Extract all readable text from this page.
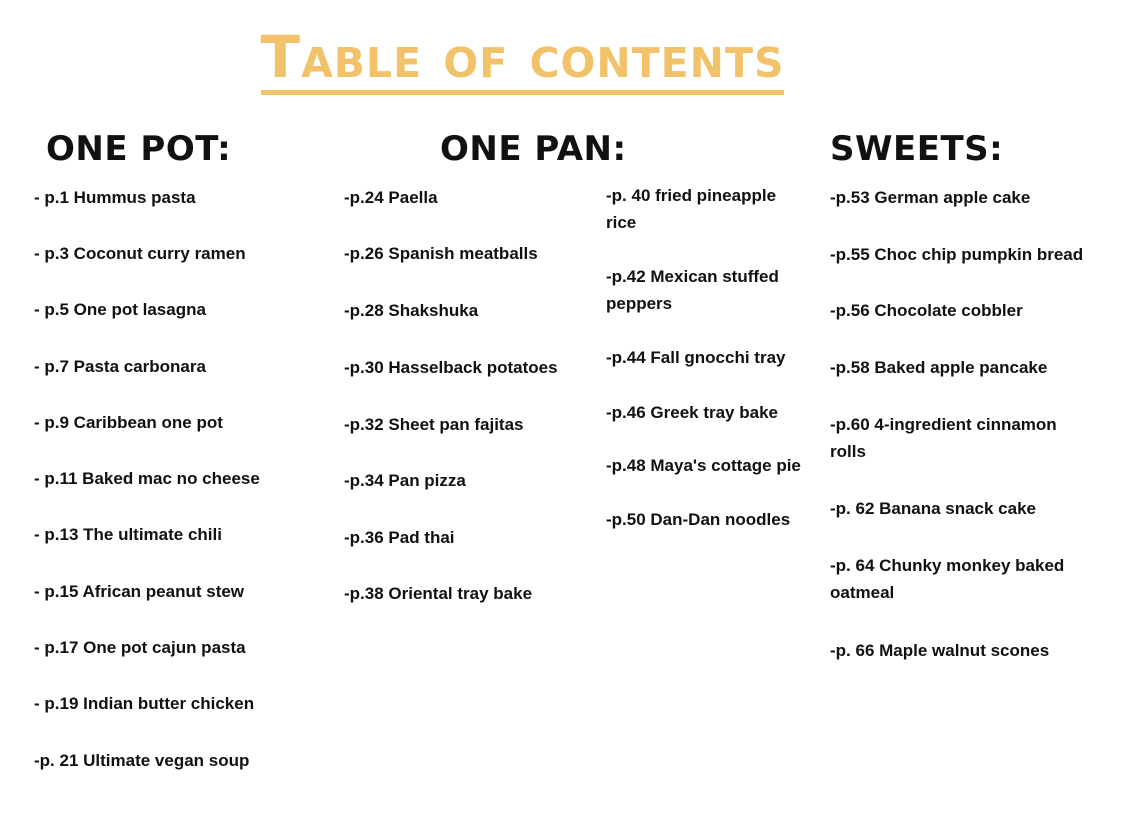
Table of contents
ONE POT:	ONE PAN:	SWEETS:
- p.1 Hummus pasta
- p.3 Coconut curry ramen
- p.5 One pot lasagna
- p.7 Pasta carbonara
- p.9 Caribbean one pot
- p.11 Baked mac no cheese
- p.13 The ultimate chili
- p.15 African peanut stew
- p.17 One pot cajun pasta
- p.19 Indian butter chicken
-p. 21 Ultimate vegan soup
-p.24 Paella
-p.26 Spanish meatballs
-p.28 Shakshuka
-p.30 Hasselback potatoes
-p.32 Sheet pan fajitas
-p.34 Pan pizza
-p.36 Pad thai
-p.38 Oriental tray bake
-p. 40 fried pineapple rice
-p.42 Mexican stuffed peppers
-p.44 Fall gnocchi tray
-p.46 Greek tray bake
-p.48 Maya's cottage pie
-p.50 Dan-Dan noodles
-p.53 German apple cake
-p.55 Choc chip pumpkin bread
-p.56 Chocolate cobbler
-p.58 Baked apple pancake
-p.60 4-ingredient cinnamon rolls
-p. 62 Banana snack cake
-p. 64 Chunky monkey baked oatmeal
-p. 66 Maple walnut scones
